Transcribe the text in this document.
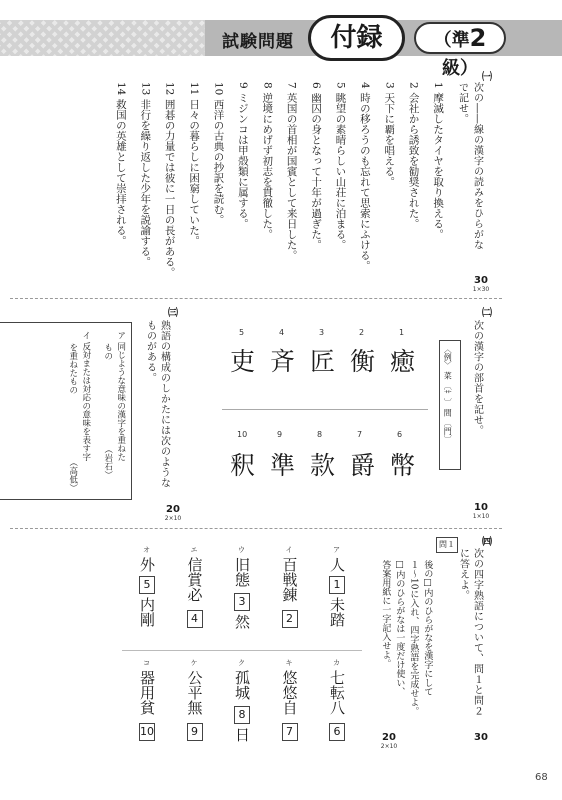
試験問題	付録	（準2級） ㈠
次の――線の漢字の読みをひらがな
で記せ。
1 摩滅したタイヤを取り換える。
2 会社から誘致を勧奨された。
3 天下に覇を唱える。
4 時の移ろうのも忘れて思索にふける。
5 眺望の素晴らしい山荘に泊まる。
6 幽囚の身となって十年が過ぎた。
7 英国の首相が国賓として来日した。
8 逆境にめげず初志を貫徹した。
9 ミジンコは甲殻類に属する。
10 西洋の古典の抄訳を読む。
11 日々の暮らしに困窮していた。
12 囲碁の力量では彼に一日の長がある。
13 非行を繰り返した少年を説諭する。
14 救国の英雄として崇拝される。
30
1×30
㈡
次の漢字の部首を記せ。
〈例〉 菜 〔艹〕 間 〔門〕
1
癒
2
衡
3
匠
4
斉
5
吏
6
幣
7
爵
8
款
9
準
10
釈
10
1×10
㈢
熟語の構成のしかたには次のような
ものがある。
ア 同じような意味の漢字を重ねた
もの
（岩石）
イ 反対または対応の意味を表す字
を重ねたもの
（高低）
20
2×10
㈣
次の四字熟語について、問１と問２
に答えよ。
問１
後の□内のひらがなを漢字にして
１〜10に入れ、四字熟語を完成せよ。
□内のひらがなは一度だけ使い、
答案用紙に一字記入せよ。
30
20
2×10
ア
人
1
未踏
イ
百戦錬
2
ウ
旧態
3
然
エ
信賞必
4
オ
外
5
内剛
カ
七転八
6
キ
悠悠自
7
ク
孤城
8
日
ケ
公平無
9
コ
器用貧
10
68
